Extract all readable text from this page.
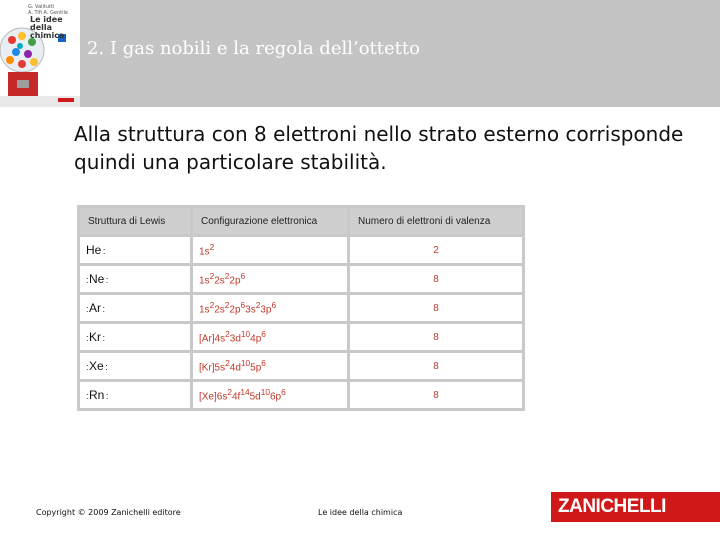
G. Valitutti
A. Tifi A. Gentile
Le idee della chimica
2. I gas nobili e la regola dell’ottetto
Alla struttura con 8 elettroni nello strato esterno corrisponde quindi una particolare stabilità.
Struttura di Lewis	Configurazione elettronica	Numero di elettroni di valenza
He :	$1s^2$	2
: Ne :	$1s^22s^22p^6$	8
: Ar :	$1s^22s^22p^63s^23p^6$	8
: Kr :	$[Ar]4s^23d^{10}4p^6$	8
: Xe :	$[Kr]5s^24d^{10}5p^6$	8
: Rn :	$[Xe]6s^24f^{14}5d^{10}6p^6$	8
Copyright © 2009 Zanichelli editore	Le idee della chimica	ZANICHELLI
